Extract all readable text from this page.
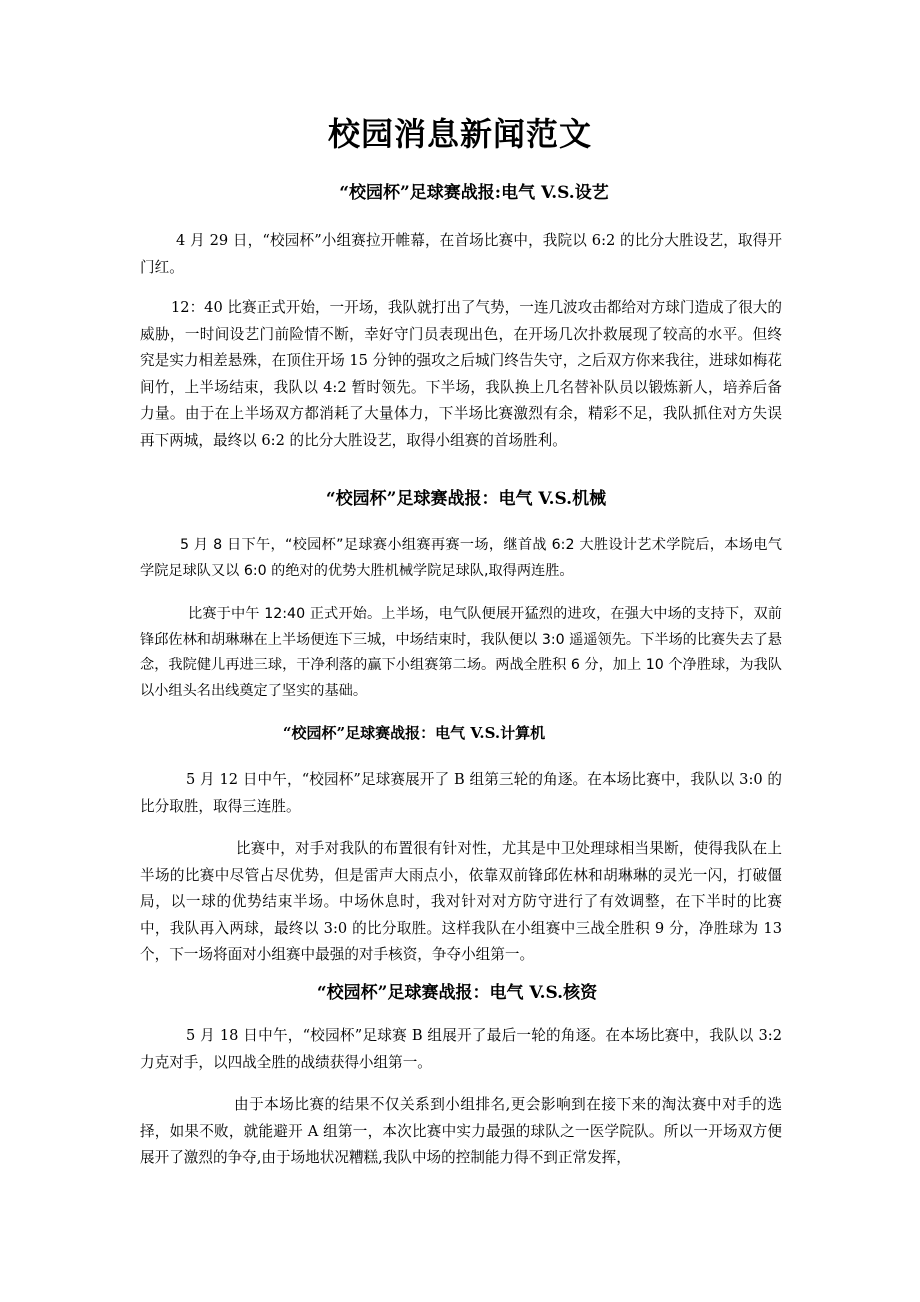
校园消息新闻范文
“校园杯”足球赛战报:电气 V.S.设艺

4 月 29 日，“校园杯”小组赛拉开帷幕，在首场比赛中，我院以 6:2 的比分大胜设艺，取得开门红。

12：40 比赛正式开始，一开场，我队就打出了气势，一连几波攻击都给对方球门造成了很大的威胁，一时间设艺门前险情不断，幸好守门员表现出色，在开场几次扑救展现了较高的水平。但终究是实力相差悬殊，在顶住开场 15 分钟的强攻之后城门终告失守，之后双方你来我往，进球如梅花间竹，上半场结束，我队以 4:2 暂时领先。下半场，我队换上几名替补队员以锻炼新人，培养后备力量。由于在上半场双方都消耗了大量体力，下半场比赛激烈有余，精彩不足，我队抓住对方失误再下两城，最终以 6:2 的比分大胜设艺，取得小组赛的首场胜利。

“校园杯”足球赛战报：电气 V.S.机械

5 月 8 日下午，“校园杯”足球赛小组赛再赛一场，继首战 6:2 大胜设计艺术学院后，本场电气学院足球队又以 6:0 的绝对的优势大胜机械学院足球队,取得两连胜。

比赛于中午 12:40 正式开始。上半场，电气队便展开猛烈的进攻，在强大中场的支持下，双前锋邱佐林和胡琳琳在上半场便连下三城，中场结束时，我队便以 3:0 遥遥领先。下半场的比赛失去了悬念，我院健儿再进三球，干净利落的赢下小组赛第二场。两战全胜积 6 分，加上 10 个净胜球，为我队以小组头名出线奠定了坚实的基础。

“校园杯”足球赛战报：电气 V.S.计算机

5 月 12 日中午，“校园杯”足球赛展开了 B 组第三轮的角逐。在本场比赛中，我队以 3:0 的比分取胜，取得三连胜。

比赛中，对手对我队的布置很有针对性，尤其是中卫处理球相当果断，使得我队在上半场的比赛中尽管占尽优势，但是雷声大雨点小，依靠双前锋邱佐林和胡琳琳的灵光一闪，打破僵局，以一球的优势结束半场。中场休息时，我对针对对方防守进行了有效调整，在下半时的比赛中，我队再入两球，最终以 3:0 的比分取胜。这样我队在小组赛中三战全胜积 9 分，净胜球为 13 个，下一场将面对小组赛中最强的对手核资，争夺小组第一。

“校园杯”足球赛战报：电气 V.S.核资

5 月 18 日中午，“校园杯”足球赛 B 组展开了最后一轮的角逐。在本场比赛中，我队以 3:2 力克对手，以四战全胜的战绩获得小组第一。

由于本场比赛的结果不仅关系到小组排名,更会影响到在接下来的淘汰赛中对手的选择，如果不败，就能避开 A 组第一，本次比赛中实力最强的球队之一医学院队。所以一开场双方便展开了激烈的争夺,由于场地状况糟糕,我队中场的控制能力得不到正常发挥，
